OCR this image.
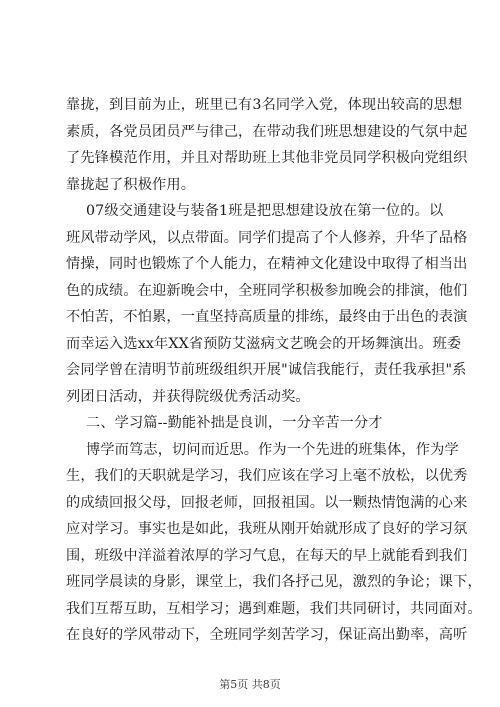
靠拢，到目前为止，班里已有3名同学入党，体现出较高的思想
素质，各党员团员严与律己，在带动我们班思想建设的气氛中起
了先锋模范作用，并且对帮助班上其他非党员同学积极向党组织
靠拢起了积极作用。
07级交通建设与装备1班是把思想建设放在第一位的。以
班风带动学风，以点带面。同学们提高了个人修养，升华了品格
情操，同时也锻炼了个人能力，在精神文化建设中取得了相当出
色的成绩。在迎新晚会中，全班同学积极参加晚会的排演，他们
不怕苦，不怕累，一直坚持高质量的排练，最终由于出色的表演
而幸运入选xx年XX省预防艾滋病文艺晚会的开场舞演出。班委
会同学曾在清明节前班级组织开展"诚信我能行，责任我承担"系
列团日活动，并获得院级优秀活动奖。
二、学习篇--勤能补拙是良训，一分辛苦一分才
博学而笃志，切问而近思。作为一个先进的班集体，作为学
生，我们的天职就是学习，我们应该在学习上毫不放松，以优秀
的成绩回报父母，回报老师，回报祖国。以一颗热情饱满的心来
应对学习。事实也是如此，我班从刚开始就形成了良好的学习氛
围，班级中洋溢着浓厚的学习气息，在每天的早上就能看到我们
班同学晨读的身影，课堂上，我们各抒己见，激烈的争论；课下，
我们互帮互助，互相学习；遇到难题，我们共同研讨，共同面对。
在良好的学风带动下，全班同学刻苦学习，保证高出勤率，高听
第5页 共8页
